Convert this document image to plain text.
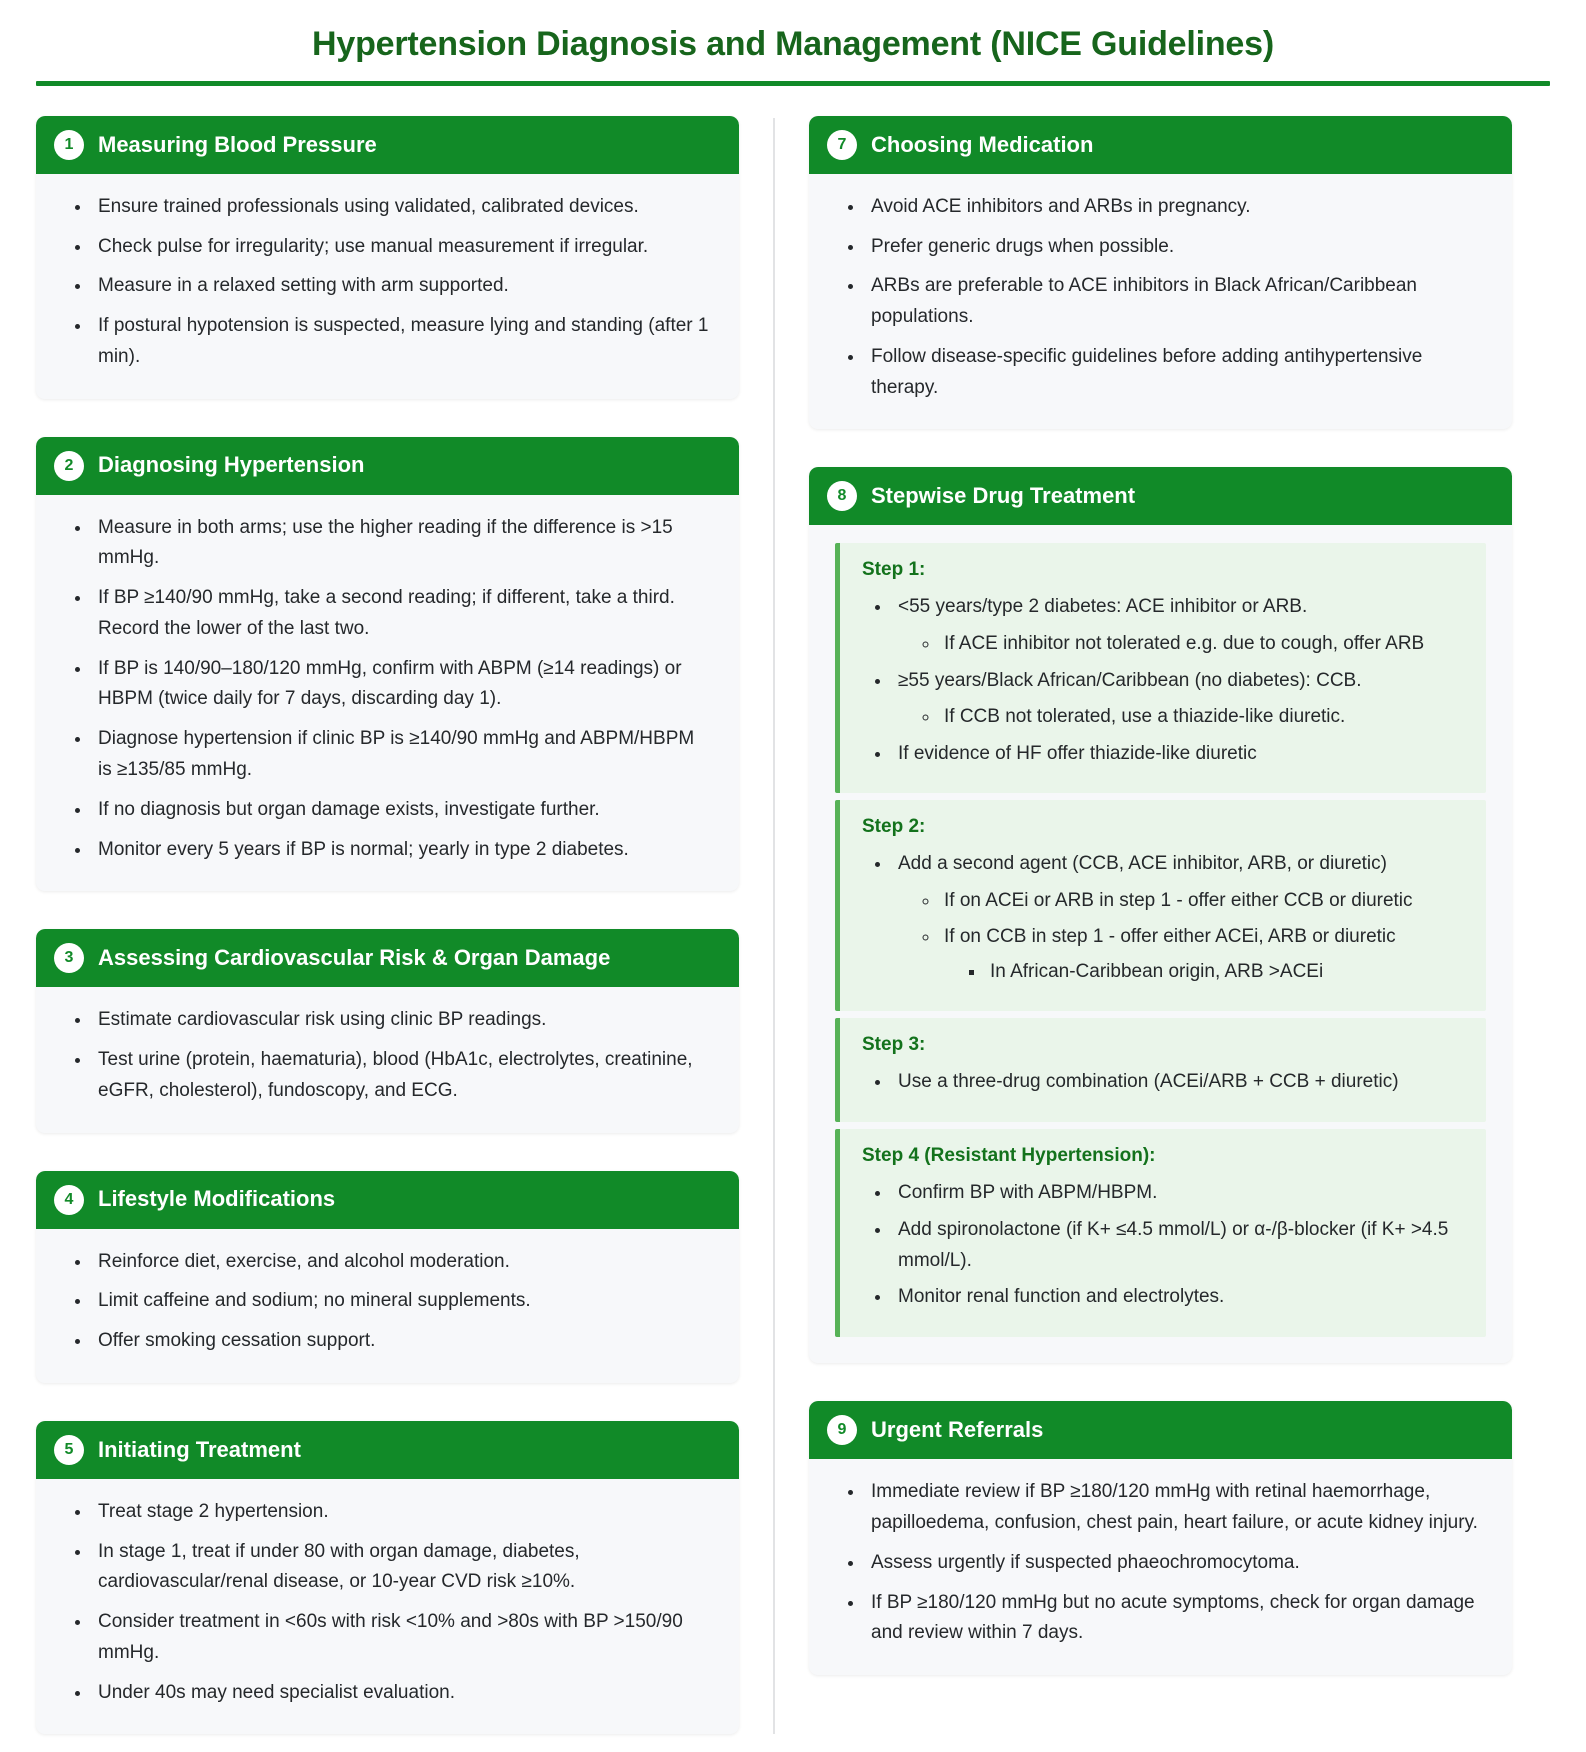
Hypertension Diagnosis and Management (NICE Guidelines)
1	Measuring Blood Pressure
• Ensure trained professionals using validated, calibrated devices.
• Check pulse for irregularity; use manual measurement if irregular.
• Measure in a relaxed setting with arm supported.
• If postural hypotension is suspected, measure lying and standing (after 1 min).
2	Diagnosing Hypertension
• Measure in both arms; use the higher reading if the difference is >15 mmHg.
• If BP ≥140/90 mmHg, take a second reading; if different, take a third. Record the lower of the last two.
• If BP is 140/90–180/120 mmHg, confirm with ABPM (≥14 readings) or HBPM (twice daily for 7 days, discarding day 1).
• Diagnose hypertension if clinic BP is ≥140/90 mmHg and ABPM/HBPM is ≥135/85 mmHg.
• If no diagnosis but organ damage exists, investigate further.
• Monitor every 5 years if BP is normal; yearly in type 2 diabetes.
3	Assessing Cardiovascular Risk & Organ Damage
• Estimate cardiovascular risk using clinic BP readings.
• Test urine (protein, haematuria), blood (HbA1c, electrolytes, creatinine, eGFR, cholesterol), fundoscopy, and ECG.
4	Lifestyle Modifications
• Reinforce diet, exercise, and alcohol moderation.
• Limit caffeine and sodium; no mineral supplements.
• Offer smoking cessation support.
5	Initiating Treatment
• Treat stage 2 hypertension.
• In stage 1, treat if under 80 with organ damage, diabetes, cardiovascular/renal disease, or 10-year CVD risk ≥10%.
• Consider treatment in <60s with risk <10% and >80s with BP >150/90 mmHg.
• Under 40s may need specialist evaluation.
7	Choosing Medication
• Avoid ACE inhibitors and ARBs in pregnancy.
• Prefer generic drugs when possible.
• ARBs are preferable to ACE inhibitors in Black African/Caribbean populations.
• Follow disease-specific guidelines before adding antihypertensive therapy.
8	Stepwise Drug Treatment
Step 1:
• <55 years/type 2 diabetes: ACE inhibitor or ARB.
◦ If ACE inhibitor not tolerated e.g. due to cough, offer ARB
• ≥55 years/Black African/Caribbean (no diabetes): CCB.
◦ If CCB not tolerated, use a thiazide-like diuretic.
• If evidence of HF offer thiazide-like diuretic
Step 2:
• Add a second agent (CCB, ACE inhibitor, ARB, or diuretic)
◦ If on ACEi or ARB in step 1 - offer either CCB or diuretic
◦ If on CCB in step 1 - offer either ACEi, ARB or diuretic
▪ In African-Caribbean origin, ARB >ACEi
Step 3:
• Use a three-drug combination (ACEi/ARB + CCB + diuretic)
Step 4 (Resistant Hypertension):
• Confirm BP with ABPM/HBPM.
• Add spironolactone (if K+ ≤4.5 mmol/L) or α-/β-blocker (if K+ >4.5 mmol/L).
• Monitor renal function and electrolytes.
9	Urgent Referrals
• Immediate review if BP ≥180/120 mmHg with retinal haemorrhage, papilloedema, confusion, chest pain, heart failure, or acute kidney injury.
• Assess urgently if suspected phaeochromocytoma.
• If BP ≥180/120 mmHg but no acute symptoms, check for organ damage and review within 7 days.
